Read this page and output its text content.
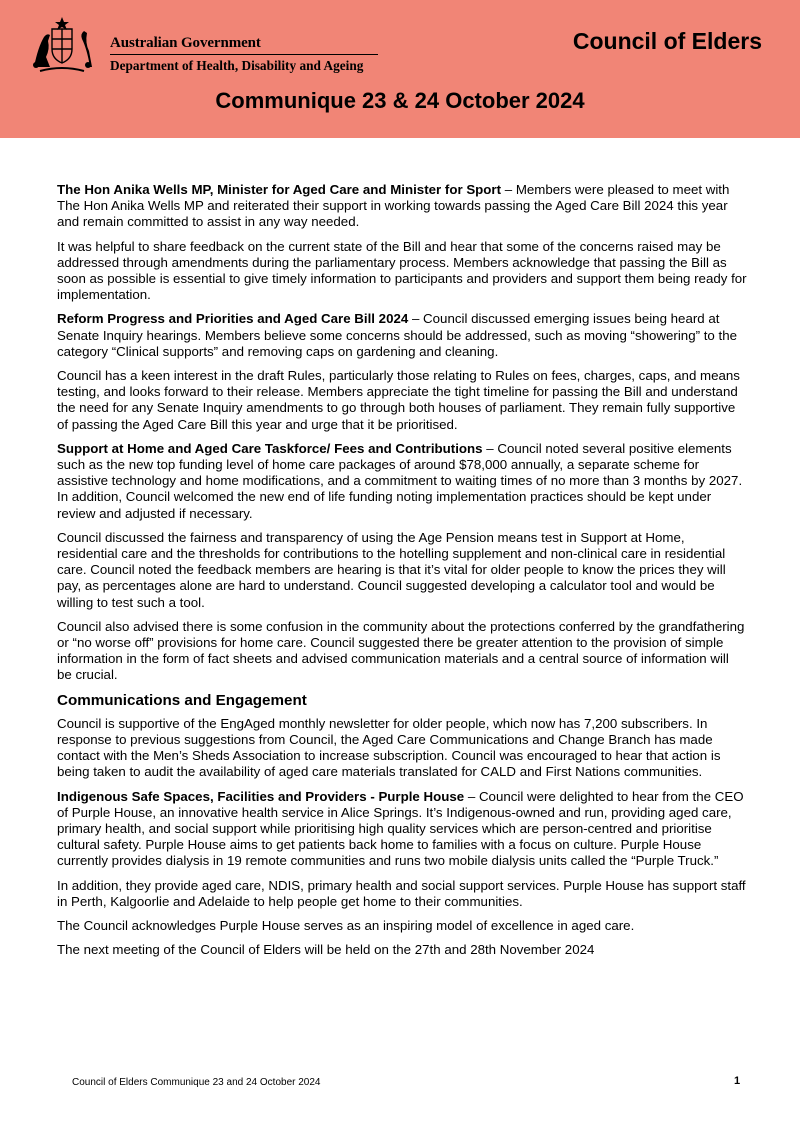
Australian Government
Department of Health, Disability and Ageing
Council of Elders
Communique 23 & 24 October 2024

The Hon Anika Wells MP, Minister for Aged Care and Minister for Sport – Members were pleased to meet with The Hon Anika Wells MP and reiterated their support in working towards passing the Aged Care Bill 2024 this year and remain committed to assist in any way needed.

It was helpful to share feedback on the current state of the Bill and hear that some of the concerns raised may be addressed through amendments during the parliamentary process. Members acknowledge that passing the Bill as soon as possible is essential to give timely information to participants and providers and support them being ready for implementation.

Reform Progress and Priorities and Aged Care Bill 2024 – Council discussed emerging issues being heard at Senate Inquiry hearings. Members believe some concerns should be addressed, such as moving “showering” to the category “Clinical supports” and removing caps on gardening and cleaning.

Council has a keen interest in the draft Rules, particularly those relating to Rules on fees, charges, caps, and means testing, and looks forward to their release. Members appreciate the tight timeline for passing the Bill and understand the need for any Senate Inquiry amendments to go through both houses of parliament. They remain fully supportive of passing the Aged Care Bill this year and urge that it be prioritised.

Support at Home and Aged Care Taskforce/ Fees and Contributions – Council noted several positive elements such as the new top funding level of home care packages of around $78,000 annually, a separate scheme for assistive technology and home modifications, and a commitment to waiting times of no more than 3 months by 2027. In addition, Council welcomed the new end of life funding noting implementation practices should be kept under review and adjusted if necessary.

Council discussed the fairness and transparency of using the Age Pension means test in Support at Home, residential care and the thresholds for contributions to the hotelling supplement and non-clinical care in residential care. Council noted the feedback members are hearing is that it’s vital for older people to know the prices they will pay, as percentages alone are hard to understand. Council suggested developing a calculator tool and would be willing to test such a tool.

Council also advised there is some confusion in the community about the protections conferred by the grandfathering or “no worse off” provisions for home care. Council suggested there be greater attention to the provision of simple information in the form of fact sheets and advised communication materials and a central source of information will be crucial.

Communications and Engagement

Council is supportive of the EngAged monthly newsletter for older people, which now has 7,200 subscribers. In response to previous suggestions from Council, the Aged Care Communications and Change Branch has made contact with the Men’s Sheds Association to increase subscription. Council was encouraged to hear that action is being taken to audit the availability of aged care materials translated for CALD and First Nations communities.

Indigenous Safe Spaces, Facilities and Providers - Purple House – Council were delighted to hear from the CEO of Purple House, an innovative health service in Alice Springs. It’s Indigenous-owned and run, providing aged care, primary health, and social support while prioritising high quality services which are person-centred and prioritise cultural safety. Purple House aims to get patients back home to families with a focus on culture. Purple House currently provides dialysis in 19 remote communities and runs two mobile dialysis units called the “Purple Truck.”

In addition, they provide aged care, NDIS, primary health and social support services. Purple House has support staff in Perth, Kalgoorlie and Adelaide to help people get home to their communities.

The Council acknowledges Purple House serves as an inspiring model of excellence in aged care.

The next meeting of the Council of Elders will be held on the 27th and 28th November 2024

Council of Elders Communique 23 and 24 October 2024	1
